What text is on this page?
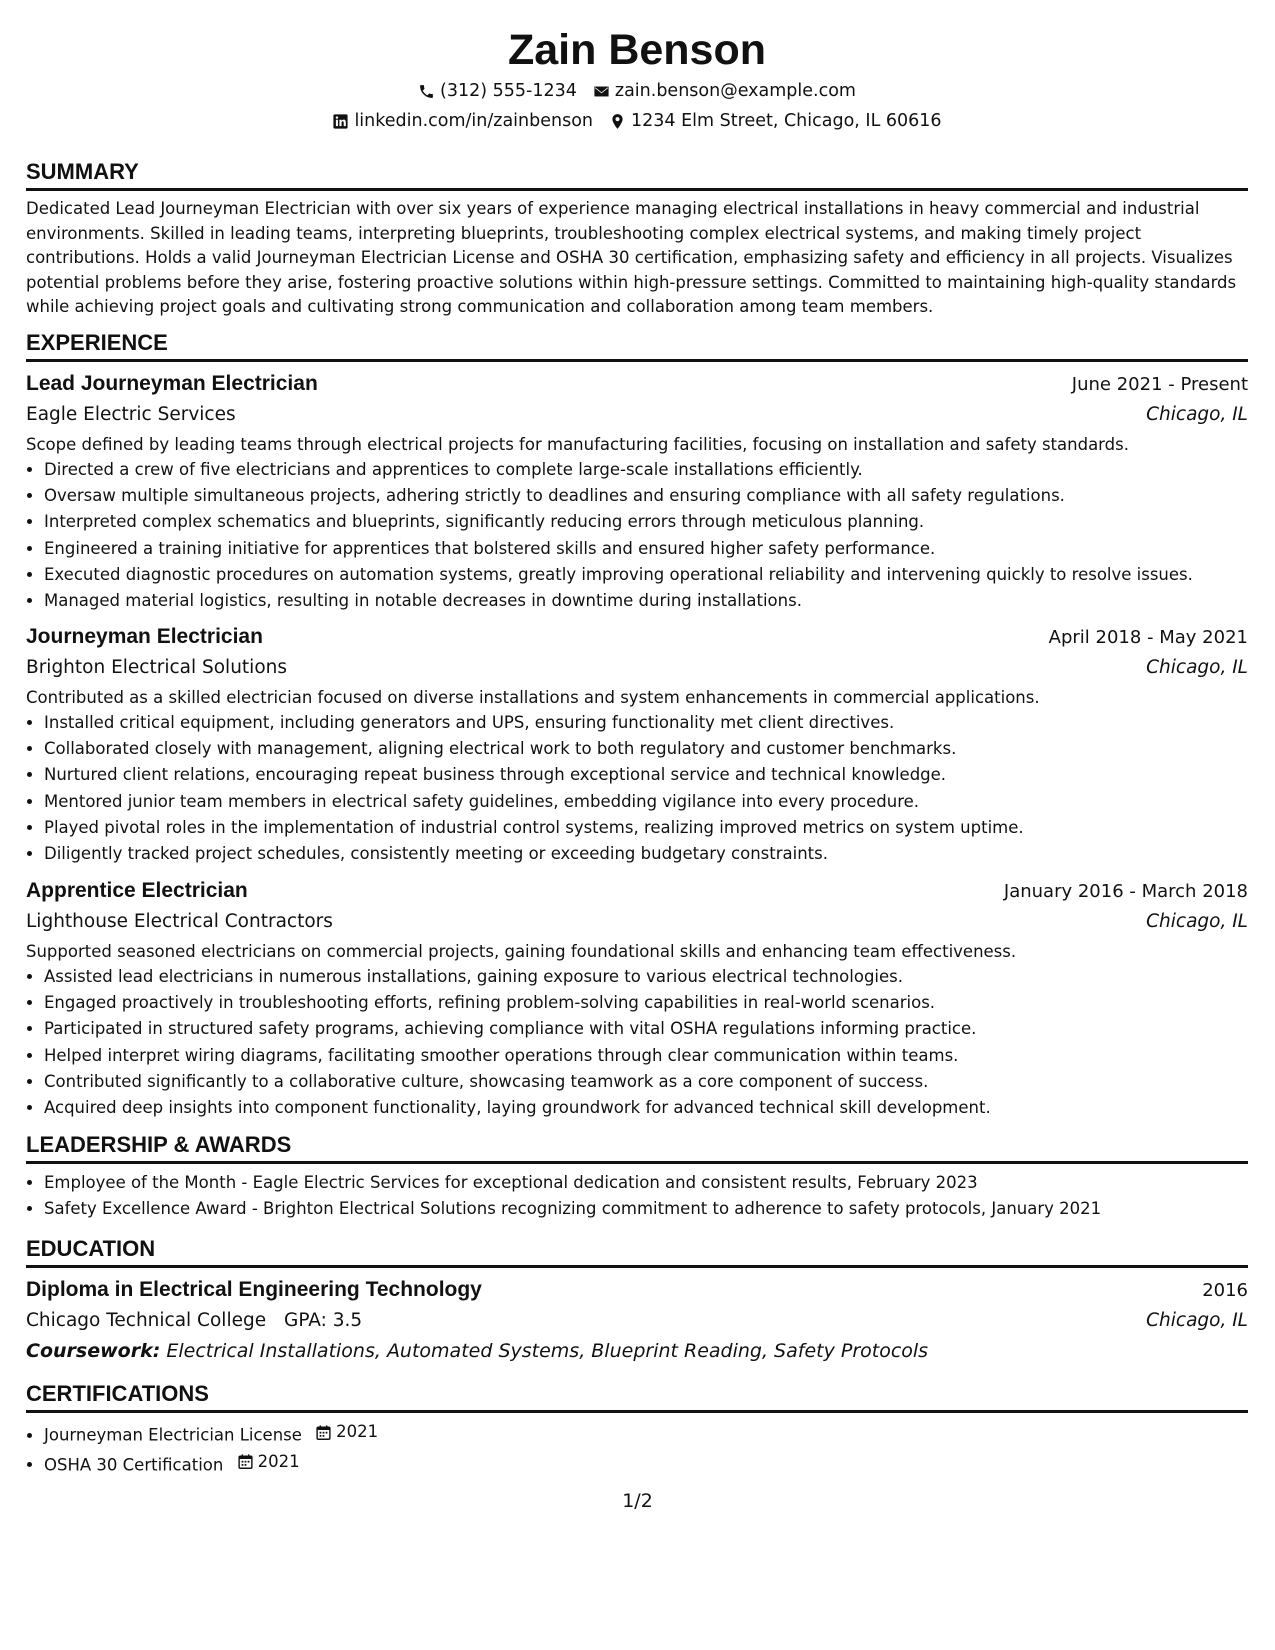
Zain Benson
(312) 555-1234 zain.benson@example.com
linkedin.com/in/zainbenson 1234 Elm Street, Chicago, IL 60616
SUMMARY

Dedicated Lead Journeyman Electrician with over six years of experience managing electrical installations in heavy commercial and industrial environments. Skilled in leading teams, interpreting blueprints, troubleshooting complex electrical systems, and making timely project contributions. Holds a valid Journeyman Electrician License and OSHA 30 certification, emphasizing safety and efficiency in all projects. Visualizes potential problems before they arise, fostering proactive solutions within high-pressure settings. Committed to maintaining high-quality standards while achieving project goals and cultivating strong communication and collaboration among team members.

EXPERIENCE
Lead Journeyman Electrician	June 2021 - Present
Eagle Electric Services	Chicago, IL
Scope defined by leading teams through electrical projects for manufacturing facilities, focusing on installation and safety standards.
• Directed a crew of five electricians and apprentices to complete large-scale installations efficiently.
• Oversaw multiple simultaneous projects, adhering strictly to deadlines and ensuring compliance with all safety regulations.
• Interpreted complex schematics and blueprints, significantly reducing errors through meticulous planning.
• Engineered a training initiative for apprentices that bolstered skills and ensured higher safety performance.
• Executed diagnostic procedures on automation systems, greatly improving operational reliability and intervening quickly to resolve issues.
• Managed material logistics, resulting in notable decreases in downtime during installations.
Journeyman Electrician	April 2018 - May 2021
Brighton Electrical Solutions	Chicago, IL
Contributed as a skilled electrician focused on diverse installations and system enhancements in commercial applications.
• Installed critical equipment, including generators and UPS, ensuring functionality met client directives.
• Collaborated closely with management, aligning electrical work to both regulatory and customer benchmarks.
• Nurtured client relations, encouraging repeat business through exceptional service and technical knowledge.
• Mentored junior team members in electrical safety guidelines, embedding vigilance into every procedure.
• Played pivotal roles in the implementation of industrial control systems, realizing improved metrics on system uptime.
• Diligently tracked project schedules, consistently meeting or exceeding budgetary constraints.
Apprentice Electrician	January 2016 - March 2018
Lighthouse Electrical Contractors	Chicago, IL
Supported seasoned electricians on commercial projects, gaining foundational skills and enhancing team effectiveness.
• Assisted lead electricians in numerous installations, gaining exposure to various electrical technologies.
• Engaged proactively in troubleshooting efforts, refining problem-solving capabilities in real-world scenarios.
• Participated in structured safety programs, achieving compliance with vital OSHA regulations informing practice.
• Helped interpret wiring diagrams, facilitating smoother operations through clear communication within teams.
• Contributed significantly to a collaborative culture, showcasing teamwork as a core component of success.
• Acquired deep insights into component functionality, laying groundwork for advanced technical skill development.
LEADERSHIP & AWARDS
• Employee of the Month - Eagle Electric Services for exceptional dedication and consistent results, February 2023
• Safety Excellence Award - Brighton Electrical Solutions recognizing commitment to adherence to safety protocols, January 2021
EDUCATION
Diploma in Electrical Engineering Technology	2016
Chicago Technical College GPA: 3.5	Chicago, IL
Coursework: Electrical Installations, Automated Systems, Blueprint Reading, Safety Protocols
CERTIFICATIONS
• Journeyman Electrician License 2021
• OSHA 30 Certification 2021
1/2
